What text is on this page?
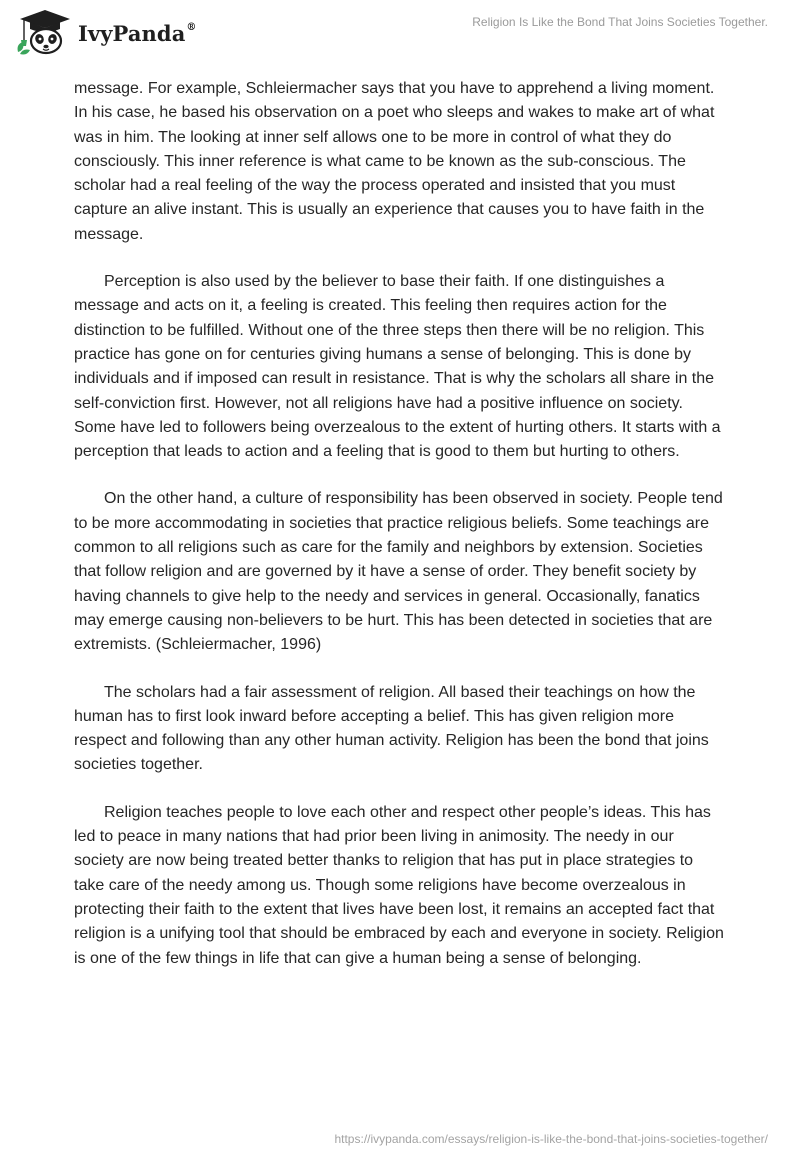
IvyPanda®	Religion Is Like the Bond That Joins Societies Together.

message. For example, Schleiermacher says that you have to apprehend a living moment. In his case, he based his observation on a poet who sleeps and wakes to make art of what was in him. The looking at inner self allows one to be more in control of what they do consciously. This inner reference is what came to be known as the sub-conscious. The scholar had a real feeling of the way the process operated and insisted that you must capture an alive instant. This is usually an experience that causes you to have faith in the message.

Perception is also used by the believer to base their faith. If one distinguishes a message and acts on it, a feeling is created. This feeling then requires action for the distinction to be fulfilled. Without one of the three steps then there will be no religion. This practice has gone on for centuries giving humans a sense of belonging. This is done by individuals and if imposed can result in resistance. That is why the scholars all share in the self-conviction first. However, not all religions have had a positive influence on society. Some have led to followers being overzealous to the extent of hurting others. It starts with a perception that leads to action and a feeling that is good to them but hurting to others.

On the other hand, a culture of responsibility has been observed in society. People tend to be more accommodating in societies that practice religious beliefs. Some teachings are common to all religions such as care for the family and neighbors by extension. Societies that follow religion and are governed by it have a sense of order. They benefit society by having channels to give help to the needy and services in general. Occasionally, fanatics may emerge causing non-believers to be hurt. This has been detected in societies that are extremists. (Schleiermacher, 1996)

The scholars had a fair assessment of religion. All based their teachings on how the human has to first look inward before accepting a belief. This has given religion more respect and following than any other human activity. Religion has been the bond that joins societies together.

Religion teaches people to love each other and respect other people’s ideas. This has led to peace in many nations that had prior been living in animosity. The needy in our society are now being treated better thanks to religion that has put in place strategies to take care of the needy among us. Though some religions have become overzealous in protecting their faith to the extent that lives have been lost, it remains an accepted fact that religion is a unifying tool that should be embraced by each and everyone in society. Religion is one of the few things in life that can give a human being a sense of belonging.

https://ivypanda.com/essays/religion-is-like-the-bond-that-joins-societies-together/
